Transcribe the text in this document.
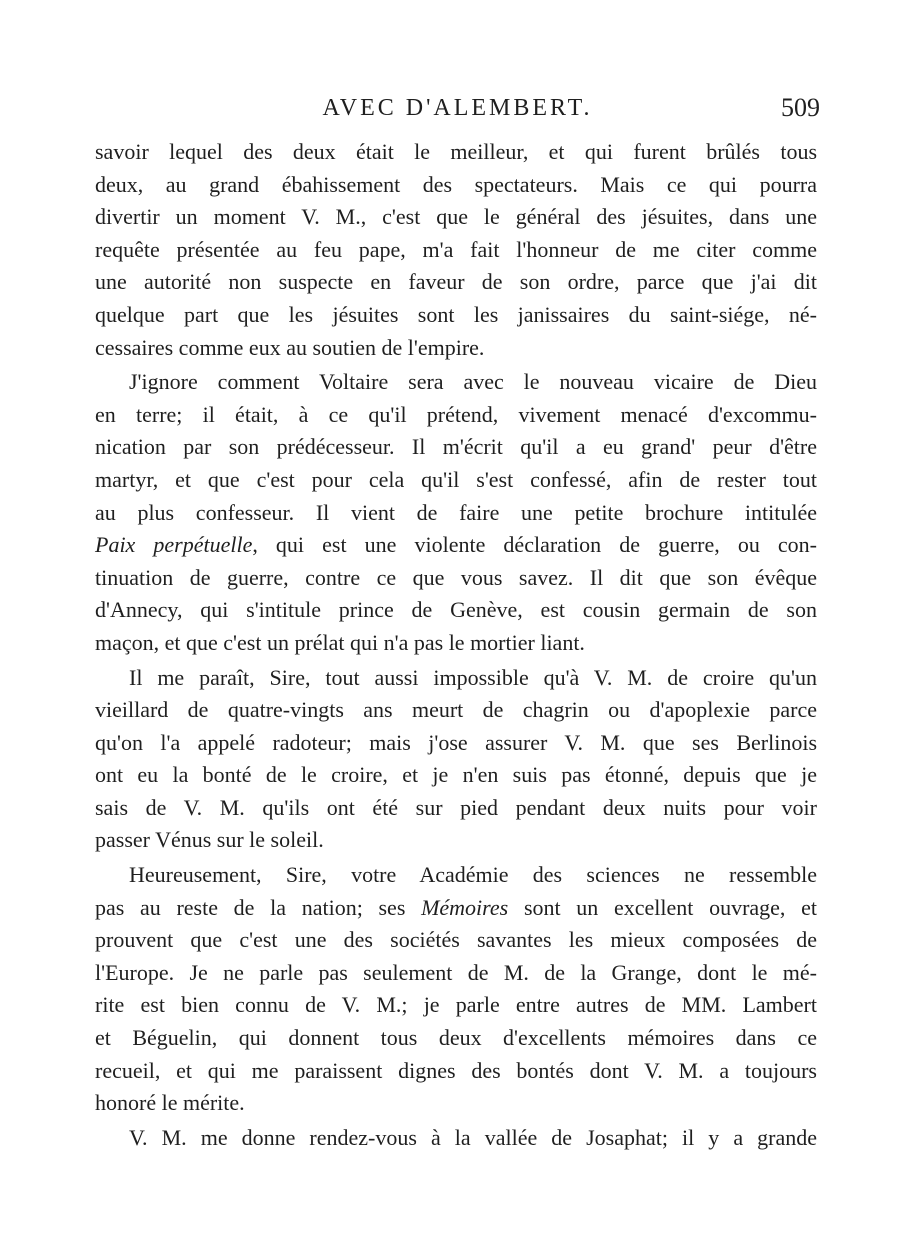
AVEC D'ALEMBERT.	509
savoir lequel des deux était le meilleur, et qui furent brûlés tous
deux, au grand ébahissement des spectateurs. Mais ce qui pourra
divertir un moment V. M., c'est que le général des jésuites, dans une
requête présentée au feu pape, m'a fait l'honneur de me citer comme
une autorité non suspecte en faveur de son ordre, parce que j'ai dit
quelque part que les jésuites sont les janissaires du saint-siége, né-
cessaires comme eux au soutien de l'empire.
J'ignore comment Voltaire sera avec le nouveau vicaire de Dieu
en terre; il était, à ce qu'il prétend, vivement menacé d'excommu-
nication par son prédécesseur. Il m'écrit qu'il a eu grand' peur d'être
martyr, et que c'est pour cela qu'il s'est confessé, afin de rester tout
au plus confesseur. Il vient de faire une petite brochure intitulée
Paix perpétuelle, qui est une violente déclaration de guerre, ou con-
tinuation de guerre, contre ce que vous savez. Il dit que son évêque
d'Annecy, qui s'intitule prince de Genève, est cousin germain de son
maçon, et que c'est un prélat qui n'a pas le mortier liant.
Il me paraît, Sire, tout aussi impossible qu'à V. M. de croire qu'un
vieillard de quatre-vingts ans meurt de chagrin ou d'apoplexie parce
qu'on l'a appelé radoteur; mais j'ose assurer V. M. que ses Berlinois
ont eu la bonté de le croire, et je n'en suis pas étonné, depuis que je
sais de V. M. qu'ils ont été sur pied pendant deux nuits pour voir
passer Vénus sur le soleil.
Heureusement, Sire, votre Académie des sciences ne ressemble
pas au reste de la nation; ses Mémoires sont un excellent ouvrage, et
prouvent que c'est une des sociétés savantes les mieux composées de
l'Europe. Je ne parle pas seulement de M. de la Grange, dont le mé-
rite est bien connu de V. M.; je parle entre autres de MM. Lambert
et Béguelin, qui donnent tous deux d'excellents mémoires dans ce
recueil, et qui me paraissent dignes des bontés dont V. M. a toujours
honoré le mérite.
V. M. me donne rendez-vous à la vallée de Josaphat; il y a grande
